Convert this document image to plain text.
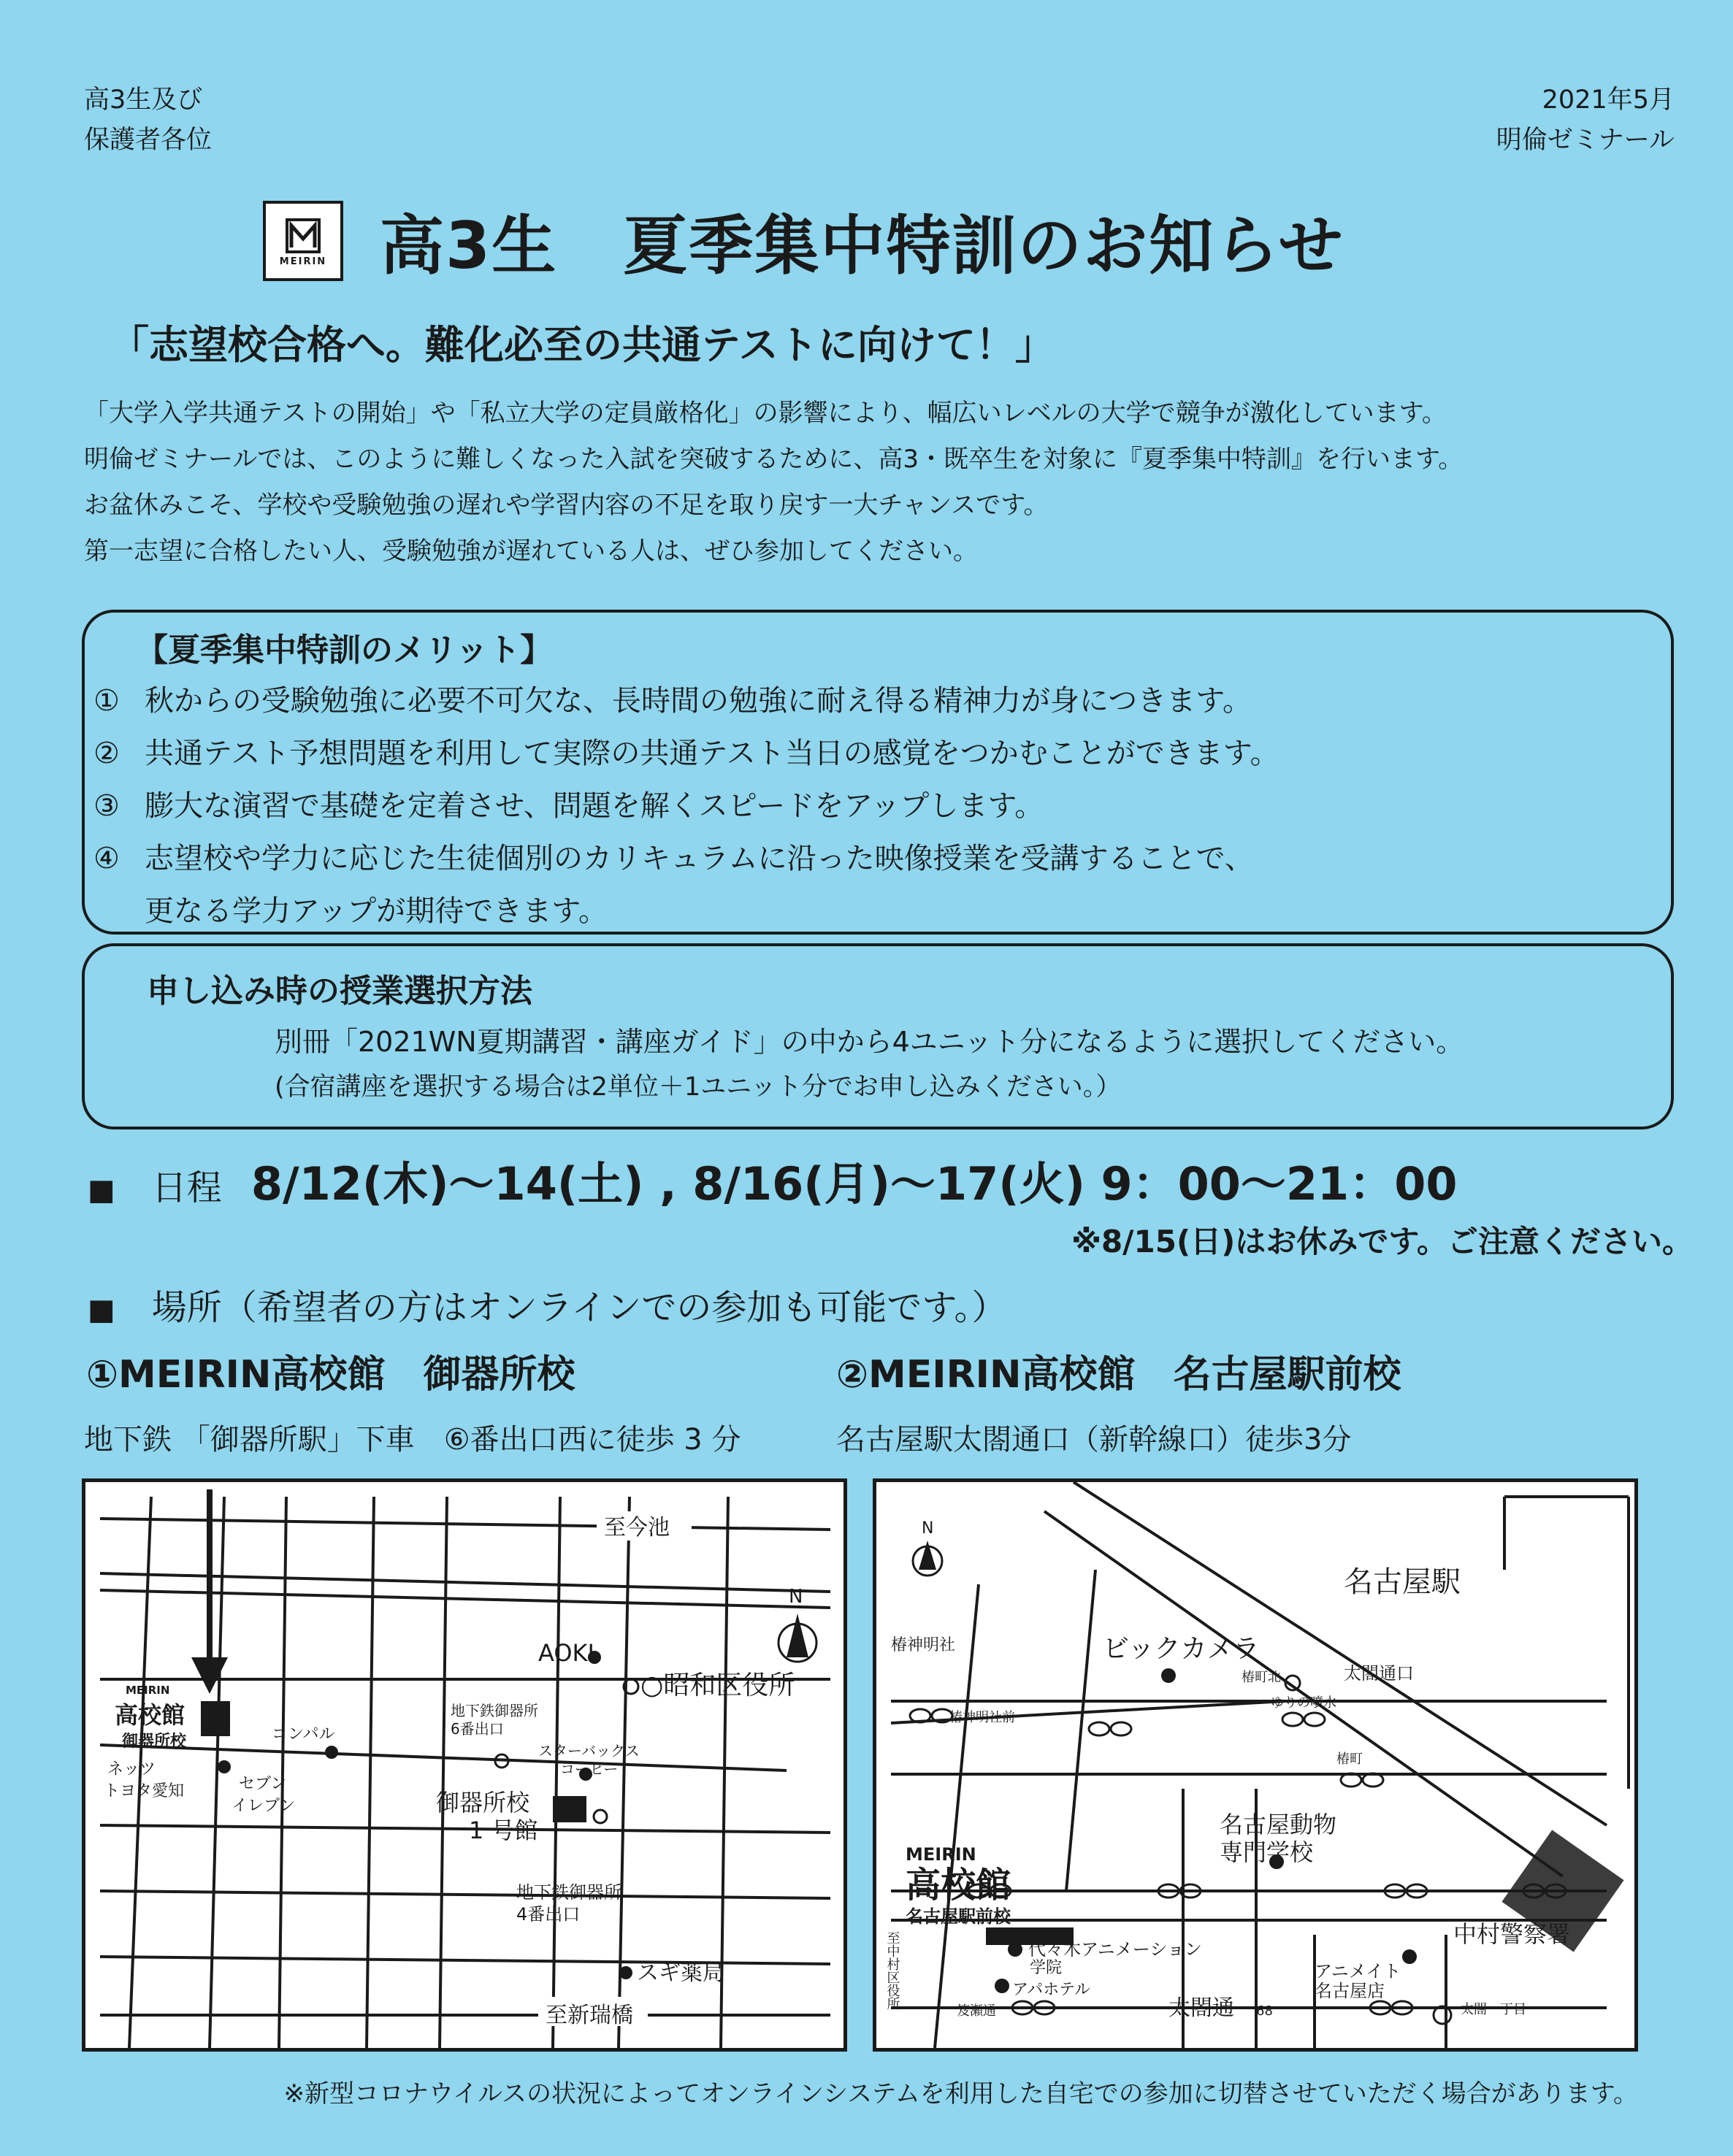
高3生及び
保護者各位
2021年5月
明倫ゼミナール
MEIRIN 高3生　夏季集中特訓のお知らせ
「志望校合格へ。難化必至の共通テストに向けて！」

「大学入学共通テストの開始」や「私立大学の定員厳格化」の影響により、幅広いレベルの大学で競争が激化しています。

明倫ゼミナールでは、このように難しくなった入試を突破するために、高3・既卒生を対象に『夏季集中特訓』を行います。

お盆休みこそ、学校や受験勉強の遅れや学習内容の不足を取り戻す一大チャンスです。

第一志望に合格したい人、受験勉強が遅れている人は、ぜひ参加してください。

【夏季集中特訓のメリット】
① 秋からの受験勉強に必要不可欠な、長時間の勉強に耐え得る精神力が身につきます。
② 共通テスト予想問題を利用して実際の共通テスト当日の感覚をつかむことができます。
③ 膨大な演習で基礎を定着させ、問題を解くスピードをアップします。
④ 志望校や学力に応じた生徒個別のカリキュラムに沿った映像授業を受講することで、
更なる学力アップが期待できます。
申し込み時の授業選択方法
別冊「2021WN夏期講習・講座ガイド」の中から4ユニット分になるように選択してください。
(合宿講座を選択する場合は2単位＋1ユニット分でお申し込みください。）
■ 日程 8/12(木)～14(土) , 8/16(月)～17(火) 9：00～21：00
※8/15(日)はお休みです。ご注意ください。
■ 場所（希望者の方はオンラインでの参加も可能です。）
①MEIRIN高校館　御器所校	②MEIRIN高校館　名古屋駅前校
地下鉄 「御器所駅」下車　⑥番出口西に徒歩 3 分	名古屋駅太閤通口（新幹線口）徒歩3分
N
至今池
至新瑞橋
MEIRIN
高校館
御器所校
ネッツ
トヨタ愛知	セブン
イレブン
コンパル
地下鉄御器所
6番出口
スターバックス
コーヒー
AOKI
○昭和区役所
御器所校
1 号館
地下鉄御器所
4番出口
スギ薬局
N
名古屋駅
ビックカメラ
椿神明社
椿神明社前
椿町北	太閤通口
ゆりの噴水
椿町
名古屋動物
専門学校
MEIRIN
高校館
名古屋駅前校
代々木アニメーション
学院
アパホテル
アニメイト
名古屋店
中村警察署
太閤通 68
笈瀬通	太閤一丁目
至中村区役所
※新型コロナウイルスの状況によってオンラインシステムを利用した自宅での参加に切替させていただく場合があります。
